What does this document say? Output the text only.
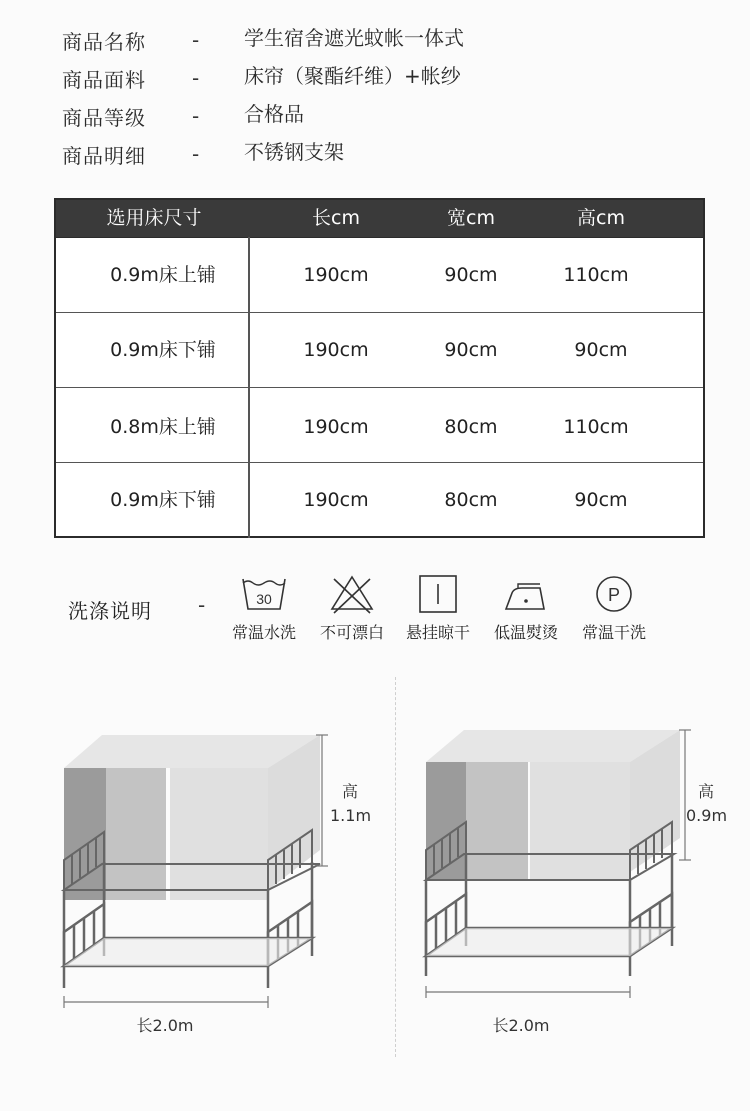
商品名称 - 学生宿舍遮光蚊帐一体式
商品面料 - 床帘（聚酯纤维）+帐纱
商品等级 - 合格品
商品明细 - 不锈钢支架
选用床尺寸	长cm	宽cm	高cm
0.9m床上铺	190cm	90cm	110cm
0.9m床下铺	190cm	90cm	90cm
0.8m床上铺	190cm	80cm	110cm
0.9m床下铺	190cm	80cm	90cm
洗涤说明 -	30
常温水洗	不可漂白	悬挂晾干	低温熨烫
P
常温干洗
高
1.1m
长2.0m
高
0.9m
长2.0m
